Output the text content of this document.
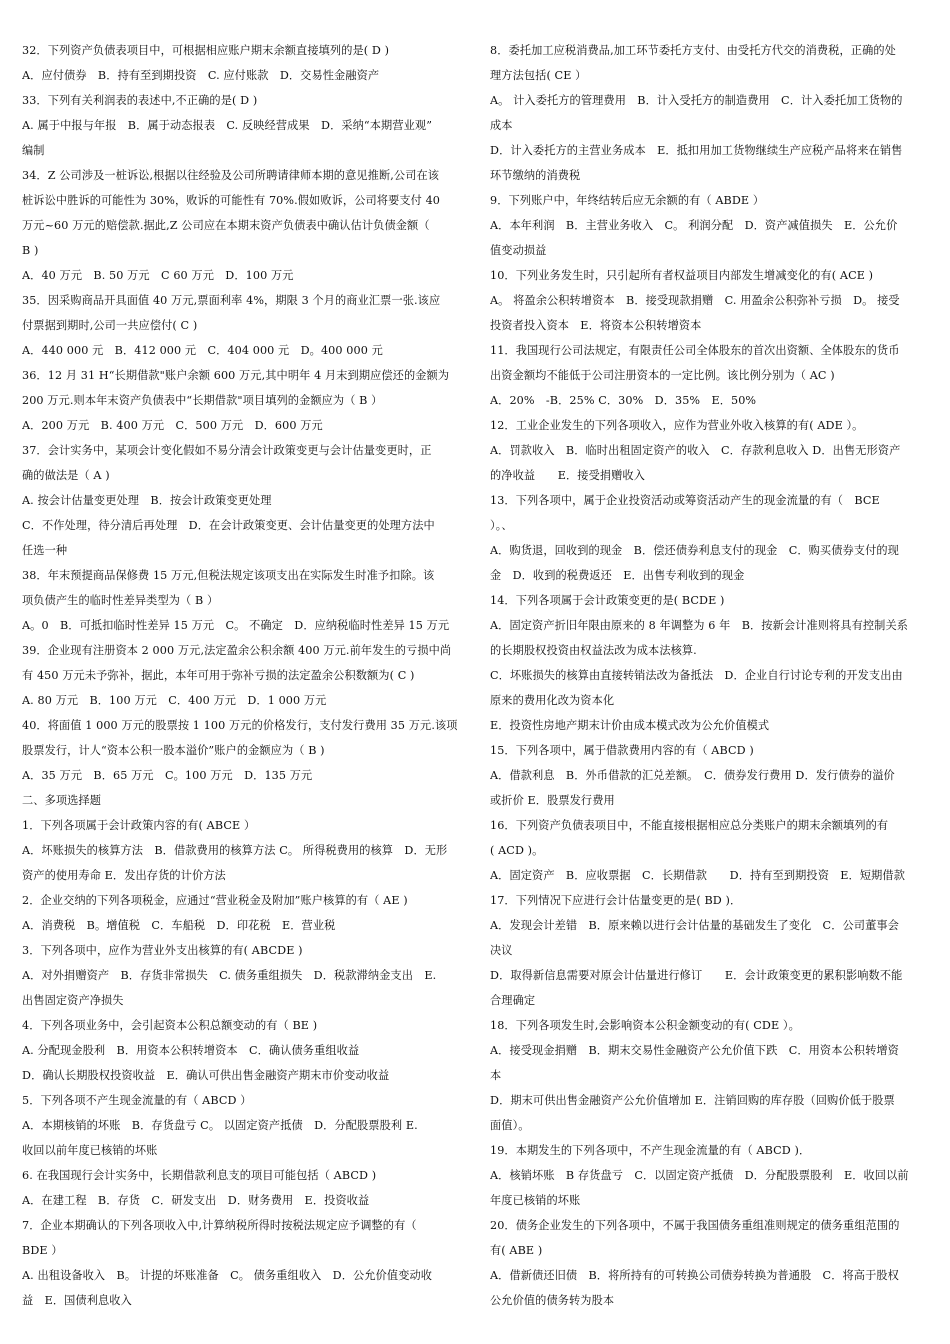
32．下列资产负债表项目中，可根据相应账户期末余额直接填列的是( D )
A．应付债券　B．持有至到期投资　C. 应付账款　D．交易性金融资产
33．下列有关利润表的表述中,不正确的是( D )
A. 属于中报与年报　B．属于动态报表　C. 反映经营成果　D．采纳“本期营业观”
编制
34．Z 公司涉及一桩诉讼,根据以往经验及公司所聘请律师本期的意见推断,公司在该
桩诉讼中胜诉的可能性为 30%，败诉的可能性有 70%.假如败诉，公司将要支付 40
万元~60 万元的赔偿款.据此,Z 公司应在本期末资产负债表中确认估计负债金额（
B )
A．40 万元　B. 50 万元　C 60 万元　D．100 万元
35．因采购商品开具面值 40 万元,票面利率 4%，期限 3 个月的商业汇票一张.该应
付票据到期时,公司一共应偿付( C )
A．440 000 元　B．412 000 元　C．404 000 元　D。400 000 元
36．12 月 31 H“长期借款"账户余额 600 万元,其中明年 4 月末到期应偿还的金额为
200 万元.则本年末资产负债表中“长期借款"项目填列的金额应为（ B ）
A．200 万元　B. 400 万元　C．500 万元　D．600 万元
37．会计实务中，某项会计变化假如不易分清会计政策变更与会计估量变更时，正
确的做法是（ A )
A. 按会计估量变更处理　B．按会计政策变更处理
C．不作处理，待分清后再处理　D．在会计政策变更、会计估量变更的处理方法中
任选一种
38．年末预提商品保修费 15 万元,但税法规定该项支出在实际发生时准予扣除。该
项负债产生的临时性差异类型为（ B ）
A。0　B．可抵扣临时性差异 15 万元　C。 不确定　D．应纳税临时性差异 15 万元
39．企业现有注册资本 2 000 万元,法定盈余公积余额 400 万元.前年发生的亏损中尚
有 450 万元未予弥补，据此，本年可用于弥补亏损的法定盈余公积数额为( C )
A. 80 万元　B．100 万元　C．400 万元　D．1 000 万元
40．将面值 1 000 万元的股票按 1 100 万元的价格发行，支付发行费用 35 万元.该项
股票发行，计人“资本公积一股本溢价”账户的金额应为（ B )
A．35 万元　B．65 万元　C。100 万元　D．135 万元
二、多项选择题
1．下列各项属于会计政策内容的有( ABCE ）
A．坏账损失的核算方法　B．借款费用的核算方法 C。 所得税费用的核算　D．无形
资产的使用寿命 E．发出存货的计价方法
2．企业交纳的下列各项税金，应通过“营业税金及附加”账户核算的有（ AE )
A．消费税　B。增值税　C．车船税　D．印花税　E．营业税
3．下列各项中，应作为营业外支出核算的有( ABCDE )
A．对外捐赠资产　B．存货非常损失　C. 债务重组损失　D．税款滞纳金支出　E.
出售固定资产净损失
4．下列各项业务中，会引起资本公积总额变动的有（ BE )
A. 分配现金股利　B．用资本公积转增资本　C．确认债务重组收益
D．确认长期股权投资收益　E．确认可供出售金融资产期末市价变动收益
5．下列各项不产生现金流量的有（ ABCD ）
A．本期核销的坏账　B．存货盘亏 C。 以固定资产抵债　D．分配股票股利 E.
收回以前年度已核销的坏账
6. 在我国现行会计实务中，长期借款利息支的项目可能包括（ ABCD )
A．在建工程　B．存货　C．研发支出　D．财务费用　E．投资收益
7．企业本期确认的下列各项收入中,计算纳税所得时按税法规定应予调整的有（
BDE ）
A. 出租设备收入　B。 计提的坏账准备　C。 债务重组收入　D．公允价值变动收
益　E．国债利息收入
8．委托加工应税消费品,加工环节委托方支付、由受托方代交的消费税，正确的处
理方法包括( CE ）
A。 计入委托方的管理费用　B．计入受托方的制造费用　C．计入委托加工货物的
成本
D．计入委托方的主营业务成本　E．抵扣用加工货物继续生产应税产品将来在销售
环节缴纳的消费税
9．下列账户中，年终结转后应无余额的有（ ABDE ）
A．本年利润　B．主营业务收入　C。 利润分配　D．资产减值损失　E．公允价
值变动损益
10．下列业务发生时，只引起所有者权益项目内部发生增减变化的有( ACE )
A。 将盈余公积转增资本　B．接受现款捐赠　C. 用盈余公积弥补亏损　D。 接受
投资者投入资本　E．将资本公积转增资本
11．我国现行公司法规定，有限责任公司全体股东的首次出资额、全体股东的货币
出资金额均不能低于公司注册资本的一定比例。该比例分别为（ AC )
A．20%　-B．25% C．30%　D．35%　E．50%
12．工业企业发生的下列各项收入，应作为营业外收入核算的有( ADE ）。
A．罚款收入　B．临时出租固定资产的收入　C．存款利息收入 D．出售无形资产
的净收益　　E．接受捐赠收入
13．下列各项中，属于企业投资活动或筹资活动产生的现金流量的有（　BCE
）。、
A．购货退，回收到的现金　B．偿还债券利息支付的现金　C．购买债券支付的现
金　D．收到的税费返还　E．出售专利收到的现金
14．下列各项属于会计政策变更的是( BCDE )
A．固定资产折旧年限由原来的 8 年调整为 6 年　B．按新会计准则将具有控制关系
的长期股权投资由权益法改为成本法核算.
C．坏账损失的核算由直接转销法改为备抵法　D．企业自行讨论专利的开发支出由
原来的费用化改为资本化
E．投资性房地产期末计价由成本模式改为公允价值模式
15．下列各项中，属于借款费用内容的有（ ABCD )
A．借款利息　B．外币借款的汇兑差额。　C．债券发行费用 D．发行债券的溢价
或折价 E．股票发行费用
16．下列资产负债表项目中，不能直接根据相应总分类账户的期末余额填列的有
( ACD )。
A．固定资产　B．应收票据　C．长期借款　　D．持有至到期投资　E．短期借款
17．下列情况下应进行会计估量变更的是( BD )．
A．发现会计差错　B．原来赖以进行会计估量的基础发生了变化　C．公司董事会
决议
D．取得新信息需要对原会计估量进行修订　　E．会计政策变更的累积影响数不能
合理确定
18．下列各项发生时,会影响资本公积金额变动的有( CDE ）。
A．接受现金捐赠　B．期末交易性金融资产公允价值下跌　C．用资本公积转增资
本
D．期末可供出售金融资产公允价值增加 E．注销回购的库存股（回购价低于股票
面值）。
19．本期发生的下列各项中，不产生现金流量的有（ ABCD )．
A．核销坏账　B 存货盘亏　C．以固定资产抵债　D．分配股票股利　E．收回以前
年度已核销的坏账
20．债务企业发生的下列各项中，不属于我国债务重组准则规定的债务重组范围的
有( ABE )
A．借新债还旧债　B．将所持有的可转换公司债券转换为普通股　C．将高于股权
公允价值的债务转为股本
